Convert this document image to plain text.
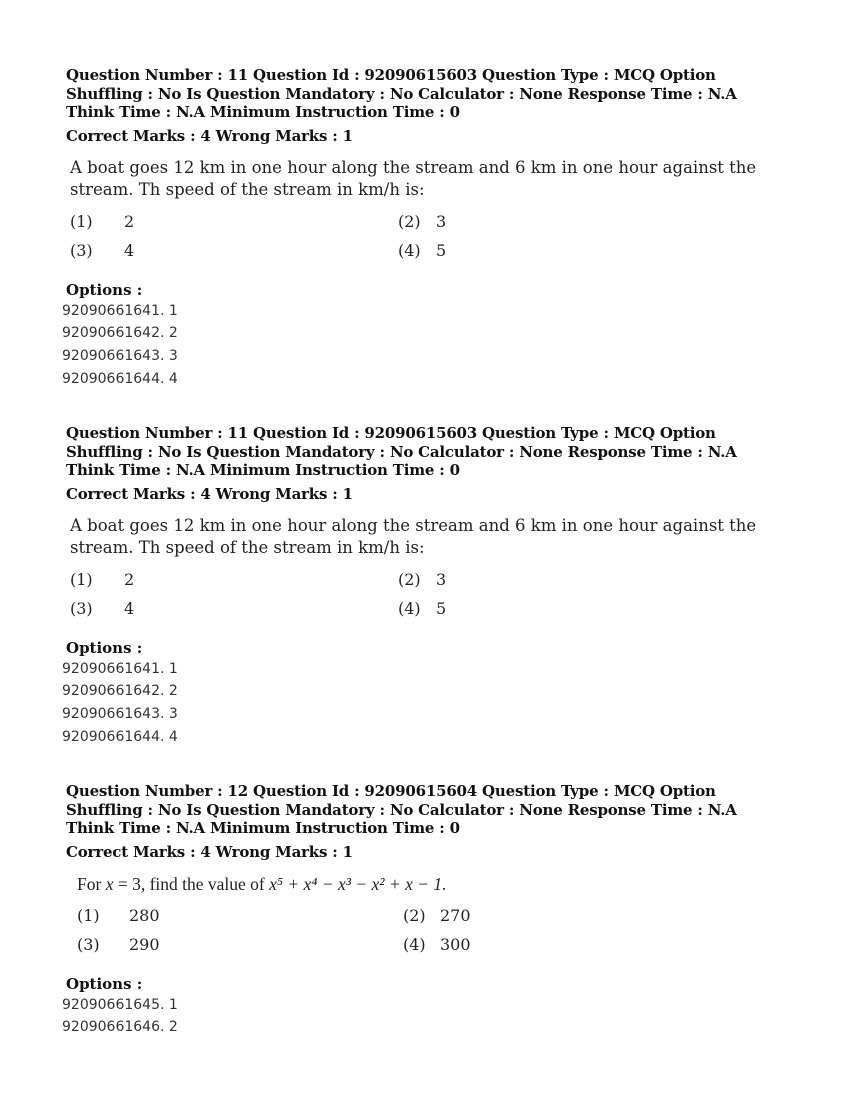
Question Number : 11 Question Id : 92090615603 Question Type : MCQ Option Shuffling : No Is Question Mandatory : No Calculator : None Response Time : N.A Think Time : N.A Minimum Instruction Time : 0
Correct Marks : 4 Wrong Marks : 1
A boat goes 12 km in one hour along the stream and 6 km in one hour against the stream. Th speed of the stream in km/h is:
(1) 2	(2) 3
(3) 4	(4) 5
Options :
92090661641. 1
92090661642. 2
92090661643. 3
92090661644. 4
Question Number : 11 Question Id : 92090615603 Question Type : MCQ Option Shuffling : No Is Question Mandatory : No Calculator : None Response Time : N.A Think Time : N.A Minimum Instruction Time : 0
Correct Marks : 4 Wrong Marks : 1
A boat goes 12 km in one hour along the stream and 6 km in one hour against the stream. Th speed of the stream in km/h is:
(1) 2	(2) 3
(3) 4	(4) 5
Options :
92090661641. 1
92090661642. 2
92090661643. 3
92090661644. 4
Question Number : 12 Question Id : 92090615604 Question Type : MCQ Option Shuffling : No Is Question Mandatory : No Calculator : None Response Time : N.A Think Time : N.A Minimum Instruction Time : 0
Correct Marks : 4 Wrong Marks : 1
For x = 3, find the value of x⁵ + x⁴ − x³ − x² + x − 1.
(1) 280	(2) 270
(3) 290	(4) 300
Options :
92090661645. 1
92090661646. 2
